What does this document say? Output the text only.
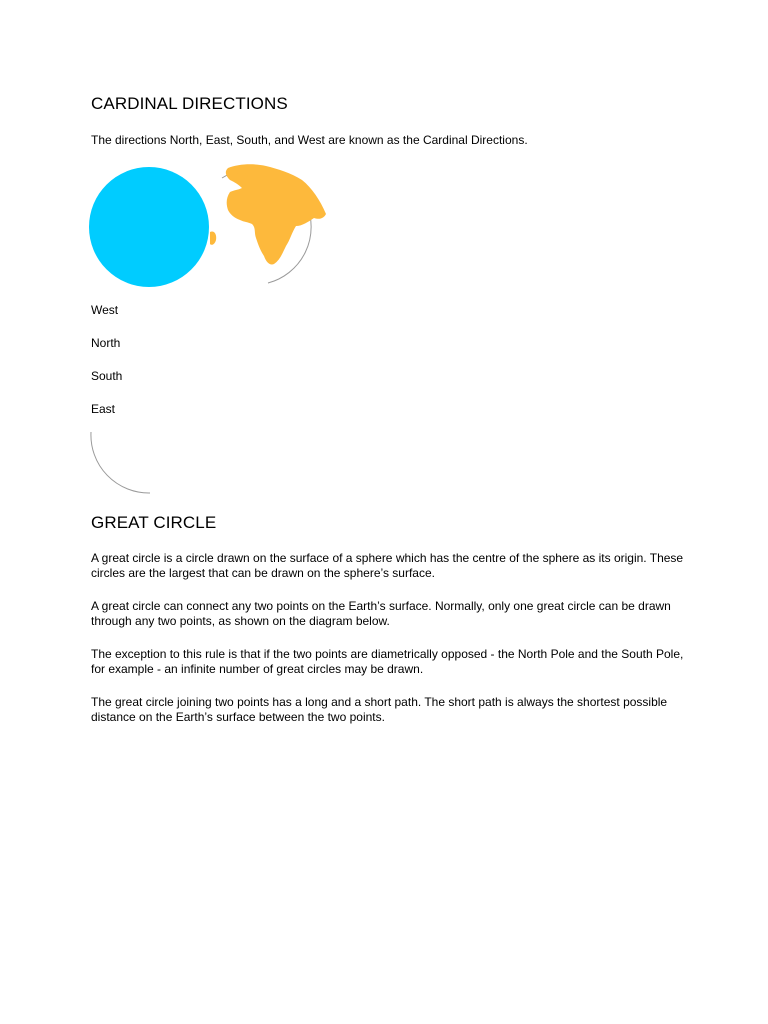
CARDINAL DIRECTIONS

The directions North, East, South, and West are known as the Cardinal Directions.

West

North

South

East

GREAT CIRCLE

A great circle is a circle drawn on the surface of a sphere which has the centre of the sphere as its origin. These circles are the largest that can be drawn on the sphere’s surface.

A great circle can connect any two points on the Earth’s surface. Normally, only one great circle can be drawn through any two points, as shown on the diagram below.

The exception to this rule is that if the two points are diametrically opposed - the North Pole and the South Pole, for example - an infinite number of great circles may be drawn.

The great circle joining two points has a long and a short path. The short path is always the shortest possible distance on the Earth’s surface between the two points.
